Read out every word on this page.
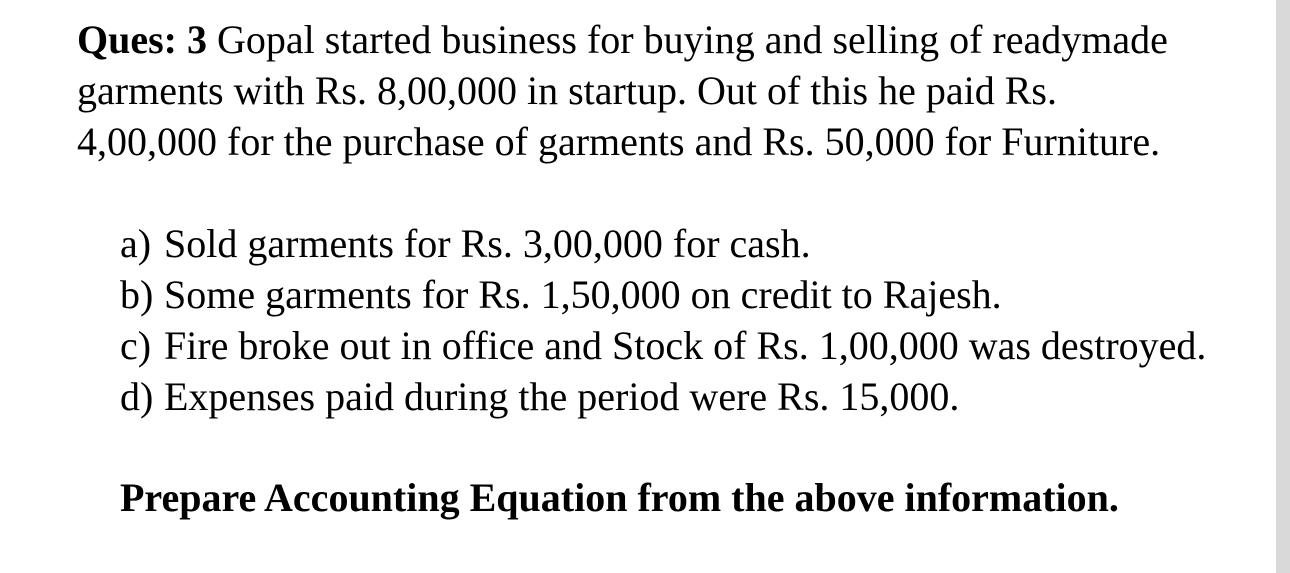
Ques: 3 Gopal started business for buying and selling of readymade garments with Rs. 8,00,000 in startup. Out of this he paid Rs. 4,00,000 for the purchase of garments and Rs. 50,000 for Furniture.
a) Sold garments for Rs. 3,00,000 for cash.
b) Some garments for Rs. 1,50,000 on credit to Rajesh.
c) Fire broke out in office and Stock of Rs. 1,00,000 was destroyed.
d) Expenses paid during the period were Rs. 15,000.
Prepare Accounting Equation from the above information.
